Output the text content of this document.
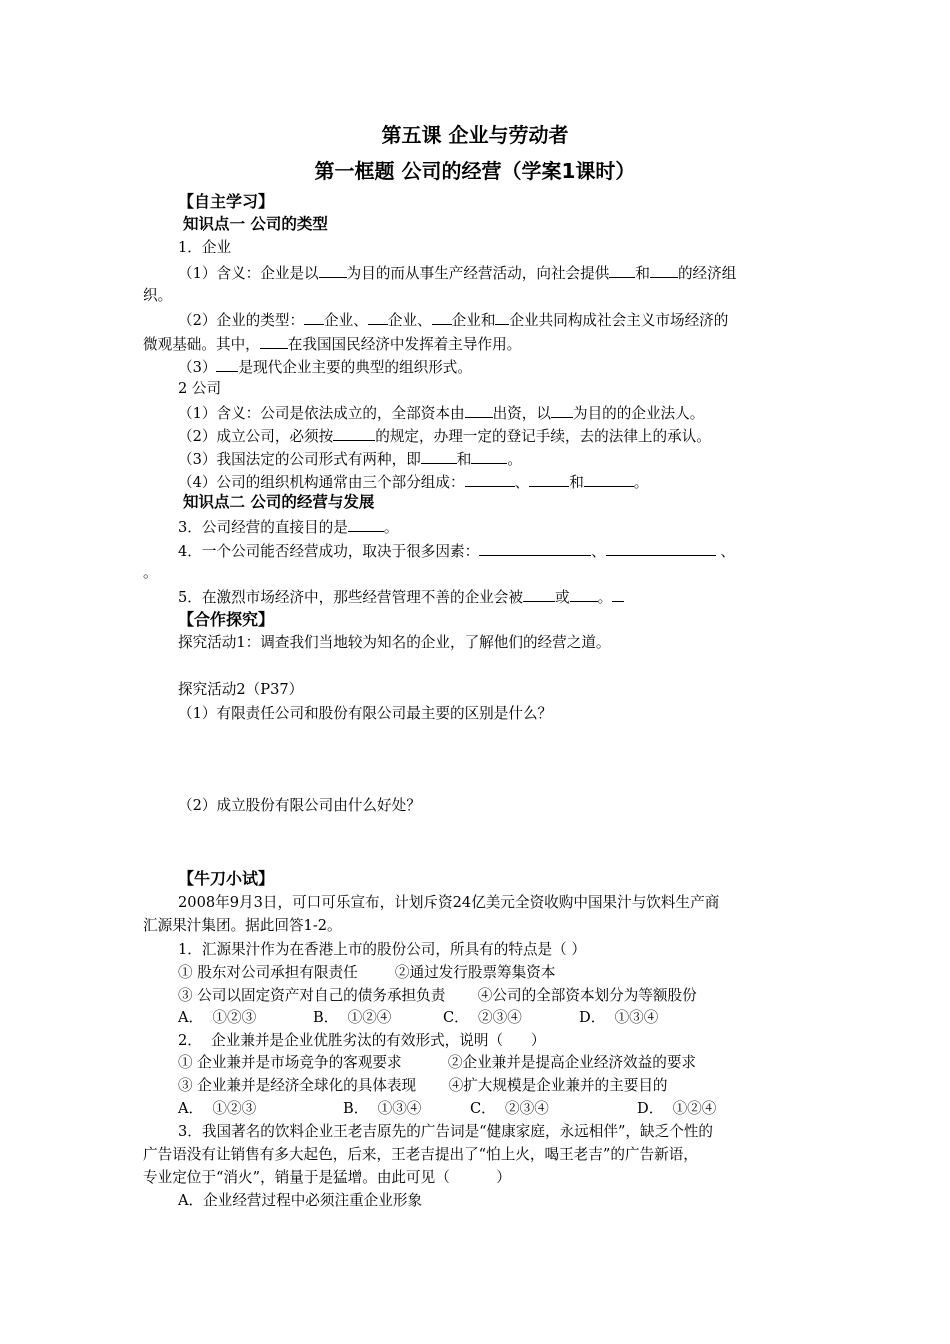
第五课 企业与劳动者
第一框题 公司的经营（学案1课时）
【自主学习】
知识点一 公司的类型
1．企业
（1）含义：企业是以 为目的而从事生产经营活动，向社会提供 和 的经济组
织。
（2）企业的类型： 企业、 企业、 企业和 企业共同构成社会主义市场经济的
微观基础。其中， 在我国国民经济中发挥着主导作用。
（3） 是现代企业主要的典型的组织形式。
2 公司
（1）含义：公司是依法成立的，全部资本由 出资，以 为目的的企业法人。
（2）成立公司，必须按	的规定，办理一定的登记手续，去的法律上的承认。
（3）我国法定的公司形式有两种，即 和 。
（4）公司的组织机构通常由三个部分组成：	、	和	。
知识点二 公司的经营与发展
3．公司经营的直接目的是 。
4．一个公司能否经营成功，取决于很多因素：	、	、
。
5．在激烈市场经济中，那些经营管理不善的企业会被 或 。
【合作探究】
探究活动1：调查我们当地较为知名的企业，了解他们的经营之道。
探究活动2（P37）
（1）有限责任公司和股份有限公司最主要的区别是什么？
（2）成立股份有限公司由什么好处？
【牛刀小试】
2008年9月3日，可口可乐宣布，计划斥资24亿美元全资收购中国果汁与饮料生产商
汇源果汁集团。据此回答1-2。
1．汇源果汁作为在香港上市的股份公司，所具有的特点是（ ）
① 股东对公司承担有限责任        ②通过发行股票筹集资本
③ 公司以固定资产对自己的债务承担负责       ④公司的全部资本划分为等额股份
A．  ①②③	B．  ①②④	C．  ②③④	D．  ①③④
2．  企业兼并是企业优胜劣汰的有效形式，说明（      ）
① 企业兼并是市场竞争的客观要求          ②企业兼并是提高企业经济效益的要求
③ 企业兼并是经济全球化的具体表现       ④扩大规模是企业兼并的主要目的
A．  ①②③	B．  ①③④	C．  ②③④	D．  ①②④
3．我国著名的饮料企业王老吉原先的广告词是“健康家庭，永远相伴”，缺乏个性的
广告语没有让销售有多大起色，后来，王老吉提出了“怕上火，喝王老吉”的广告新语，
专业定位于“消火”，销量于是猛增。由此可见（          ）
A．企业经营过程中必须注重企业形象
